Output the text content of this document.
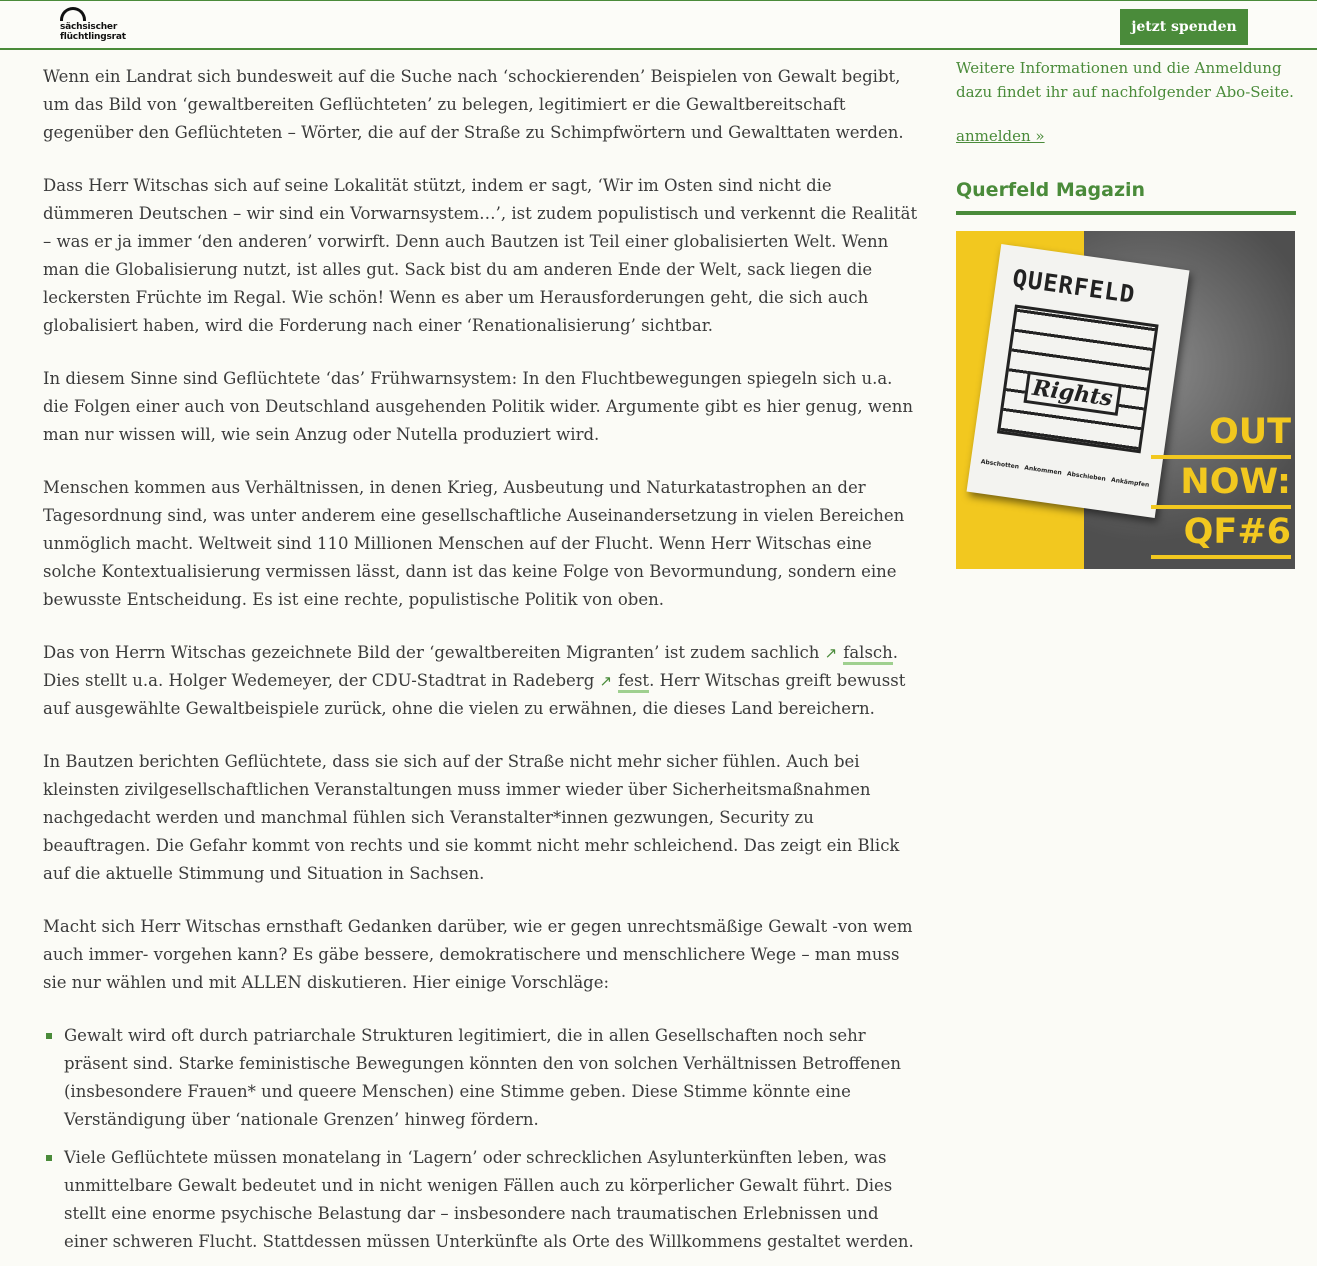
sächsischer
flüchtlingsrat
jetzt spenden

Wenn ein Landrat sich bundesweit auf die Suche nach ‘schockierenden’ Beispielen von Gewalt begibt, um das Bild von ‘gewaltbereiten Geflüchteten’ zu belegen, legitimiert er die Gewaltbereitschaft gegenüber den Geflüchteten – Wörter, die auf der Straße zu Schimpfwörtern und Gewalttaten werden.

Dass Herr Witschas sich auf seine Lokalität stützt, indem er sagt, ‘Wir im Osten sind nicht die dümmeren Deutschen – wir sind ein Vorwarnsystem…’, ist zudem populistisch und verkennt die Realität – was er ja immer ‘den anderen’ vorwirft. Denn auch Bautzen ist Teil einer globalisierten Welt. Wenn man die Globalisierung nutzt, ist alles gut. Sack bist du am anderen Ende der Welt, sack liegen die leckersten Früchte im Regal. Wie schön! Wenn es aber um Herausforderungen geht, die sich auch globalisiert haben, wird die Forderung nach einer ‘Renationalisierung’ sichtbar.

In diesem Sinne sind Geflüchtete ‘das’ Frühwarnsystem: In den Fluchtbewegungen spiegeln sich u.a. die Folgen einer auch von Deutschland ausgehenden Politik wider. Argumente gibt es hier genug, wenn man nur wissen will, wie sein Anzug oder Nutella produziert wird.

Menschen kommen aus Verhältnissen, in denen Krieg, Ausbeutung und Naturkatastrophen an der Tagesordnung sind, was unter anderem eine gesellschaftliche Auseinandersetzung in vielen Bereichen unmöglich macht. Weltweit sind 110 Millionen Menschen auf der Flucht. Wenn Herr Witschas eine solche Kontextualisierung vermissen lässt, dann ist das keine Folge von Bevormundung, sondern eine bewusste Entscheidung. Es ist eine rechte, populistische Politik von oben.

Das von Herrn Witschas gezeichnete Bild der ‘gewaltbereiten Migranten’ ist zudem sachlich ↗ falsch. Dies stellt u.a. Holger Wedemeyer, der CDU-Stadtrat in Radeberg ↗ fest. Herr Witschas greift bewusst auf ausgewählte Gewaltbeispiele zurück, ohne die vielen zu erwähnen, die dieses Land bereichern.

In Bautzen berichten Geflüchtete, dass sie sich auf der Straße nicht mehr sicher fühlen. Auch bei kleinsten zivilgesellschaftlichen Veranstaltungen muss immer wieder über Sicherheitsmaßnahmen nachgedacht werden und manchmal fühlen sich Veranstalter*innen gezwungen, Security zu beauftragen. Die Gefahr kommt von rechts und sie kommt nicht mehr schleichend. Das zeigt ein Blick auf die aktuelle Stimmung und Situation in Sachsen.

Macht sich Herr Witschas ernsthaft Gedanken darüber, wie er gegen unrechtsmäßige Gewalt -von wem auch immer- vorgehen kann? Es gäbe bessere, demokratischere und menschlichere Wege – man muss sie nur wählen und mit ALLEN diskutieren. Hier einige Vorschläge:

Gewalt wird oft durch patriarchale Strukturen legitimiert, die in allen Gesellschaften noch sehr präsent sind. Starke feministische Bewegungen könnten den von solchen Verhältnissen Betroffenen (insbesondere Frauen* und queere Menschen) eine Stimme geben. Diese Stimme könnte eine Verständigung über ‘nationale Grenzen’ hinweg fördern.
Viele Geflüchtete müssen monatelang in ‘Lagern’ oder schrecklichen Asylunterkünften leben, was unmittelbare Gewalt bedeutet und in nicht wenigen Fällen auch zu körperlicher Gewalt führt. Dies stellt eine enorme psychische Belastung dar – insbesondere nach traumatischen Erlebnissen und einer schweren Flucht. Stattdessen müssen Unterkünfte als Orte des Willkommens gestaltet werden.

Weitere Informationen und die Anmeldung dazu findet ihr auf nachfolgender Abo-Seite.

anmelden »
Querfeld Magazin
QUERFELD
Rights
Abschotten Ankommen Abschieben Ankämpfen
OUT
NOW:
QF#6
